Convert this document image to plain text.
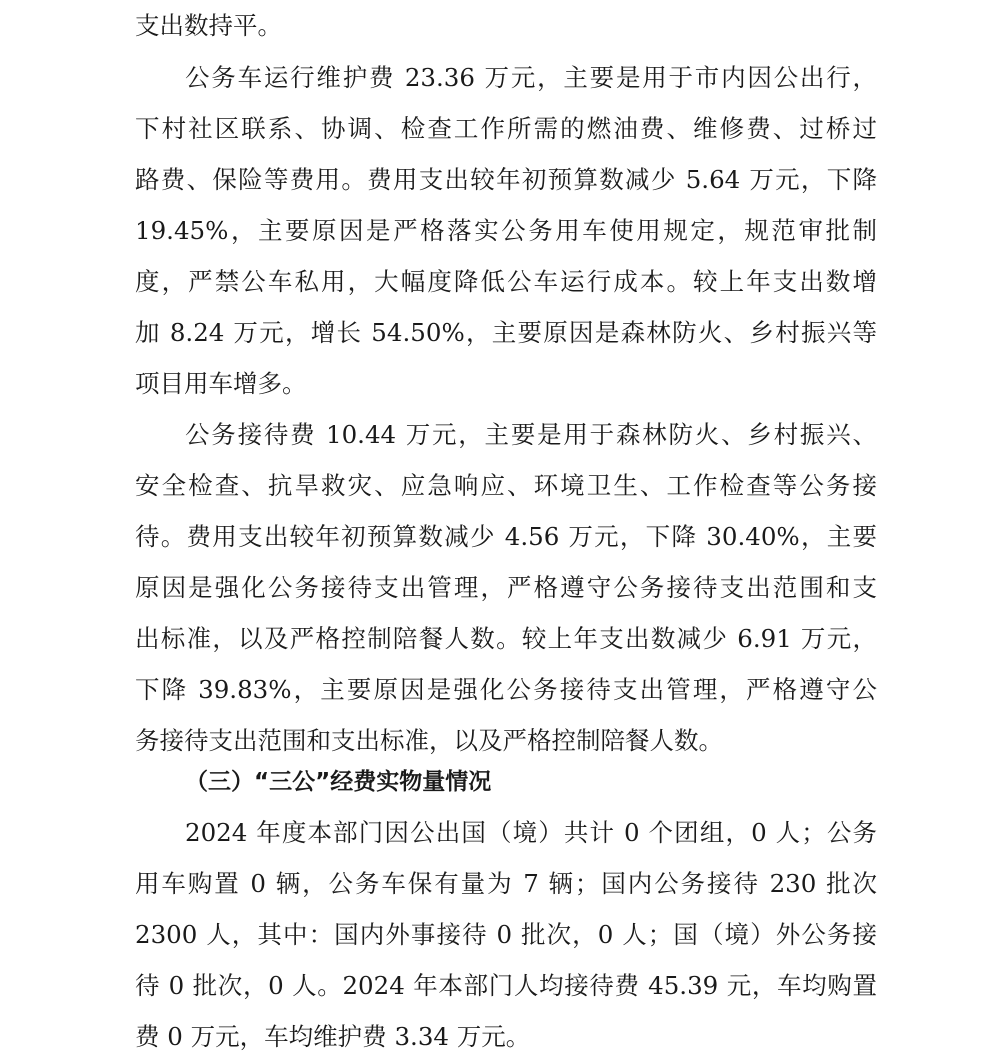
支出数持平。
公务车运行维护费 23.36 万元，主要是用于市内因公出行，
下村社区联系、协调、检查工作所需的燃油费、维修费、过桥过
路费、保险等费用。费用支出较年初预算数减少 5.64 万元，下降
19.45%，主要原因是严格落实公务用车使用规定，规范审批制
度，严禁公车私用，大幅度降低公车运行成本。较上年支出数增
加 8.24 万元，增长 54.50%，主要原因是森林防火、乡村振兴等
项目用车增多。
公务接待费 10.44 万元，主要是用于森林防火、乡村振兴、
安全检查、抗旱救灾、应急响应、环境卫生、工作检查等公务接
待。费用支出较年初预算数减少 4.56 万元，下降 30.40%，主要
原因是强化公务接待支出管理，严格遵守公务接待支出范围和支
出标准，以及严格控制陪餐人数。较上年支出数减少 6.91 万元，
下降 39.83%，主要原因是强化公务接待支出管理，严格遵守公
务接待支出范围和支出标准，以及严格控制陪餐人数。
（三）“三公”经费实物量情况
2024 年度本部门因公出国（境）共计 0 个团组，0 人；公务
用车购置 0 辆，公务车保有量为 7 辆；国内公务接待 230 批次
2300 人，其中：国内外事接待 0 批次，0 人；国（境）外公务接
待 0 批次，0 人。2024 年本部门人均接待费 45.39 元，车均购置
费 0 万元，车均维护费 3.34 万元。
